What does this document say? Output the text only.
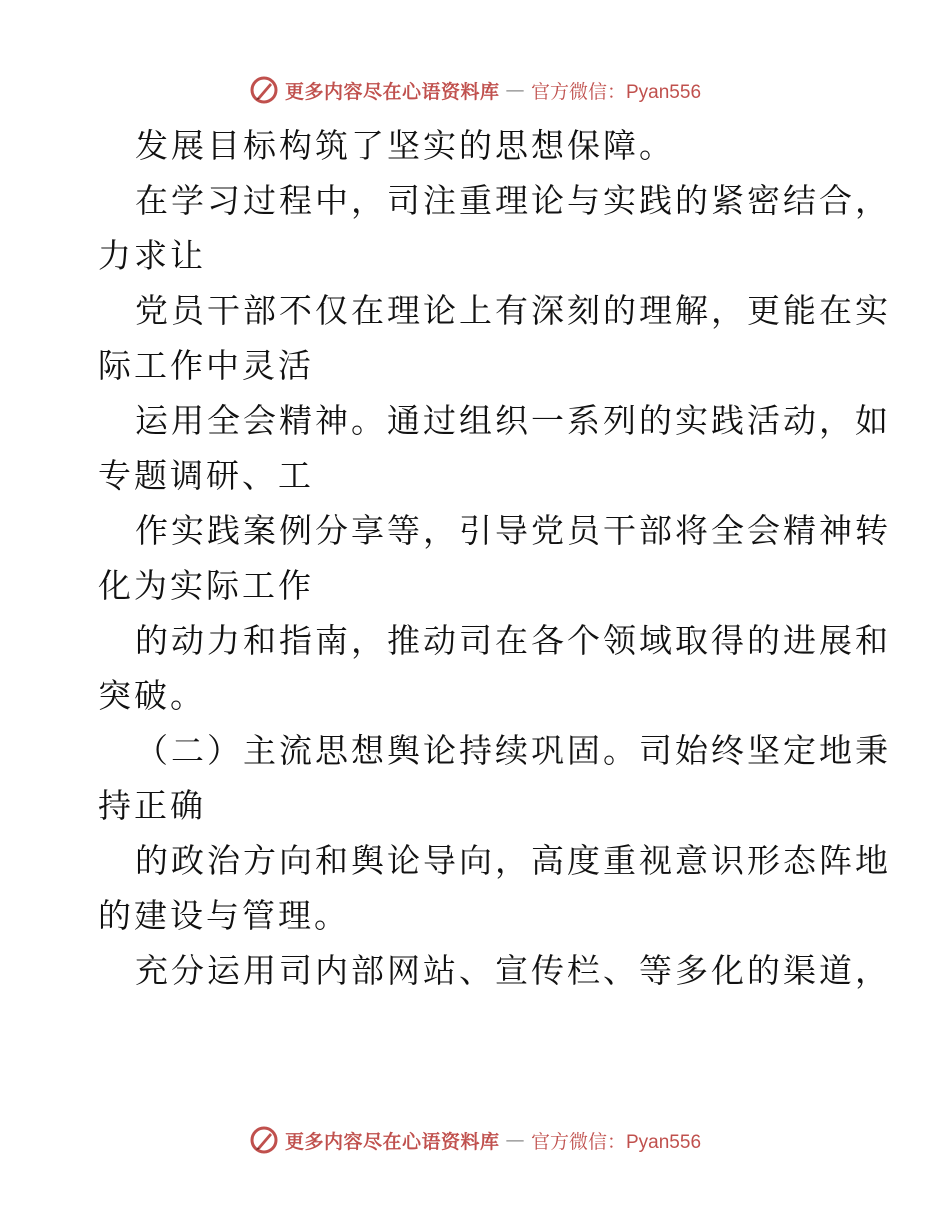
更多内容尽在心语资料库 — 官方微信：Pyan556
发展目标构筑了坚实的思想保障。
在学习过程中，司注重理论与实践的紧密结合，
力求让
党员干部不仅在理论上有深刻的理解，更能在实
际工作中灵活
运用全会精神。通过组织一系列的实践活动，如
专题调研、工
作实践案例分享等，引导党员干部将全会精神转
化为实际工作
的动力和指南，推动司在各个领域取得的进展和
突破。
（二）主流思想舆论持续巩固。司始终坚定地秉
持正确
的政治方向和舆论导向，高度重视意识形态阵地
的建设与管理。
充分运用司内部网站、宣传栏、等多化的渠道，
更多内容尽在心语资料库 — 官方微信：Pyan556
